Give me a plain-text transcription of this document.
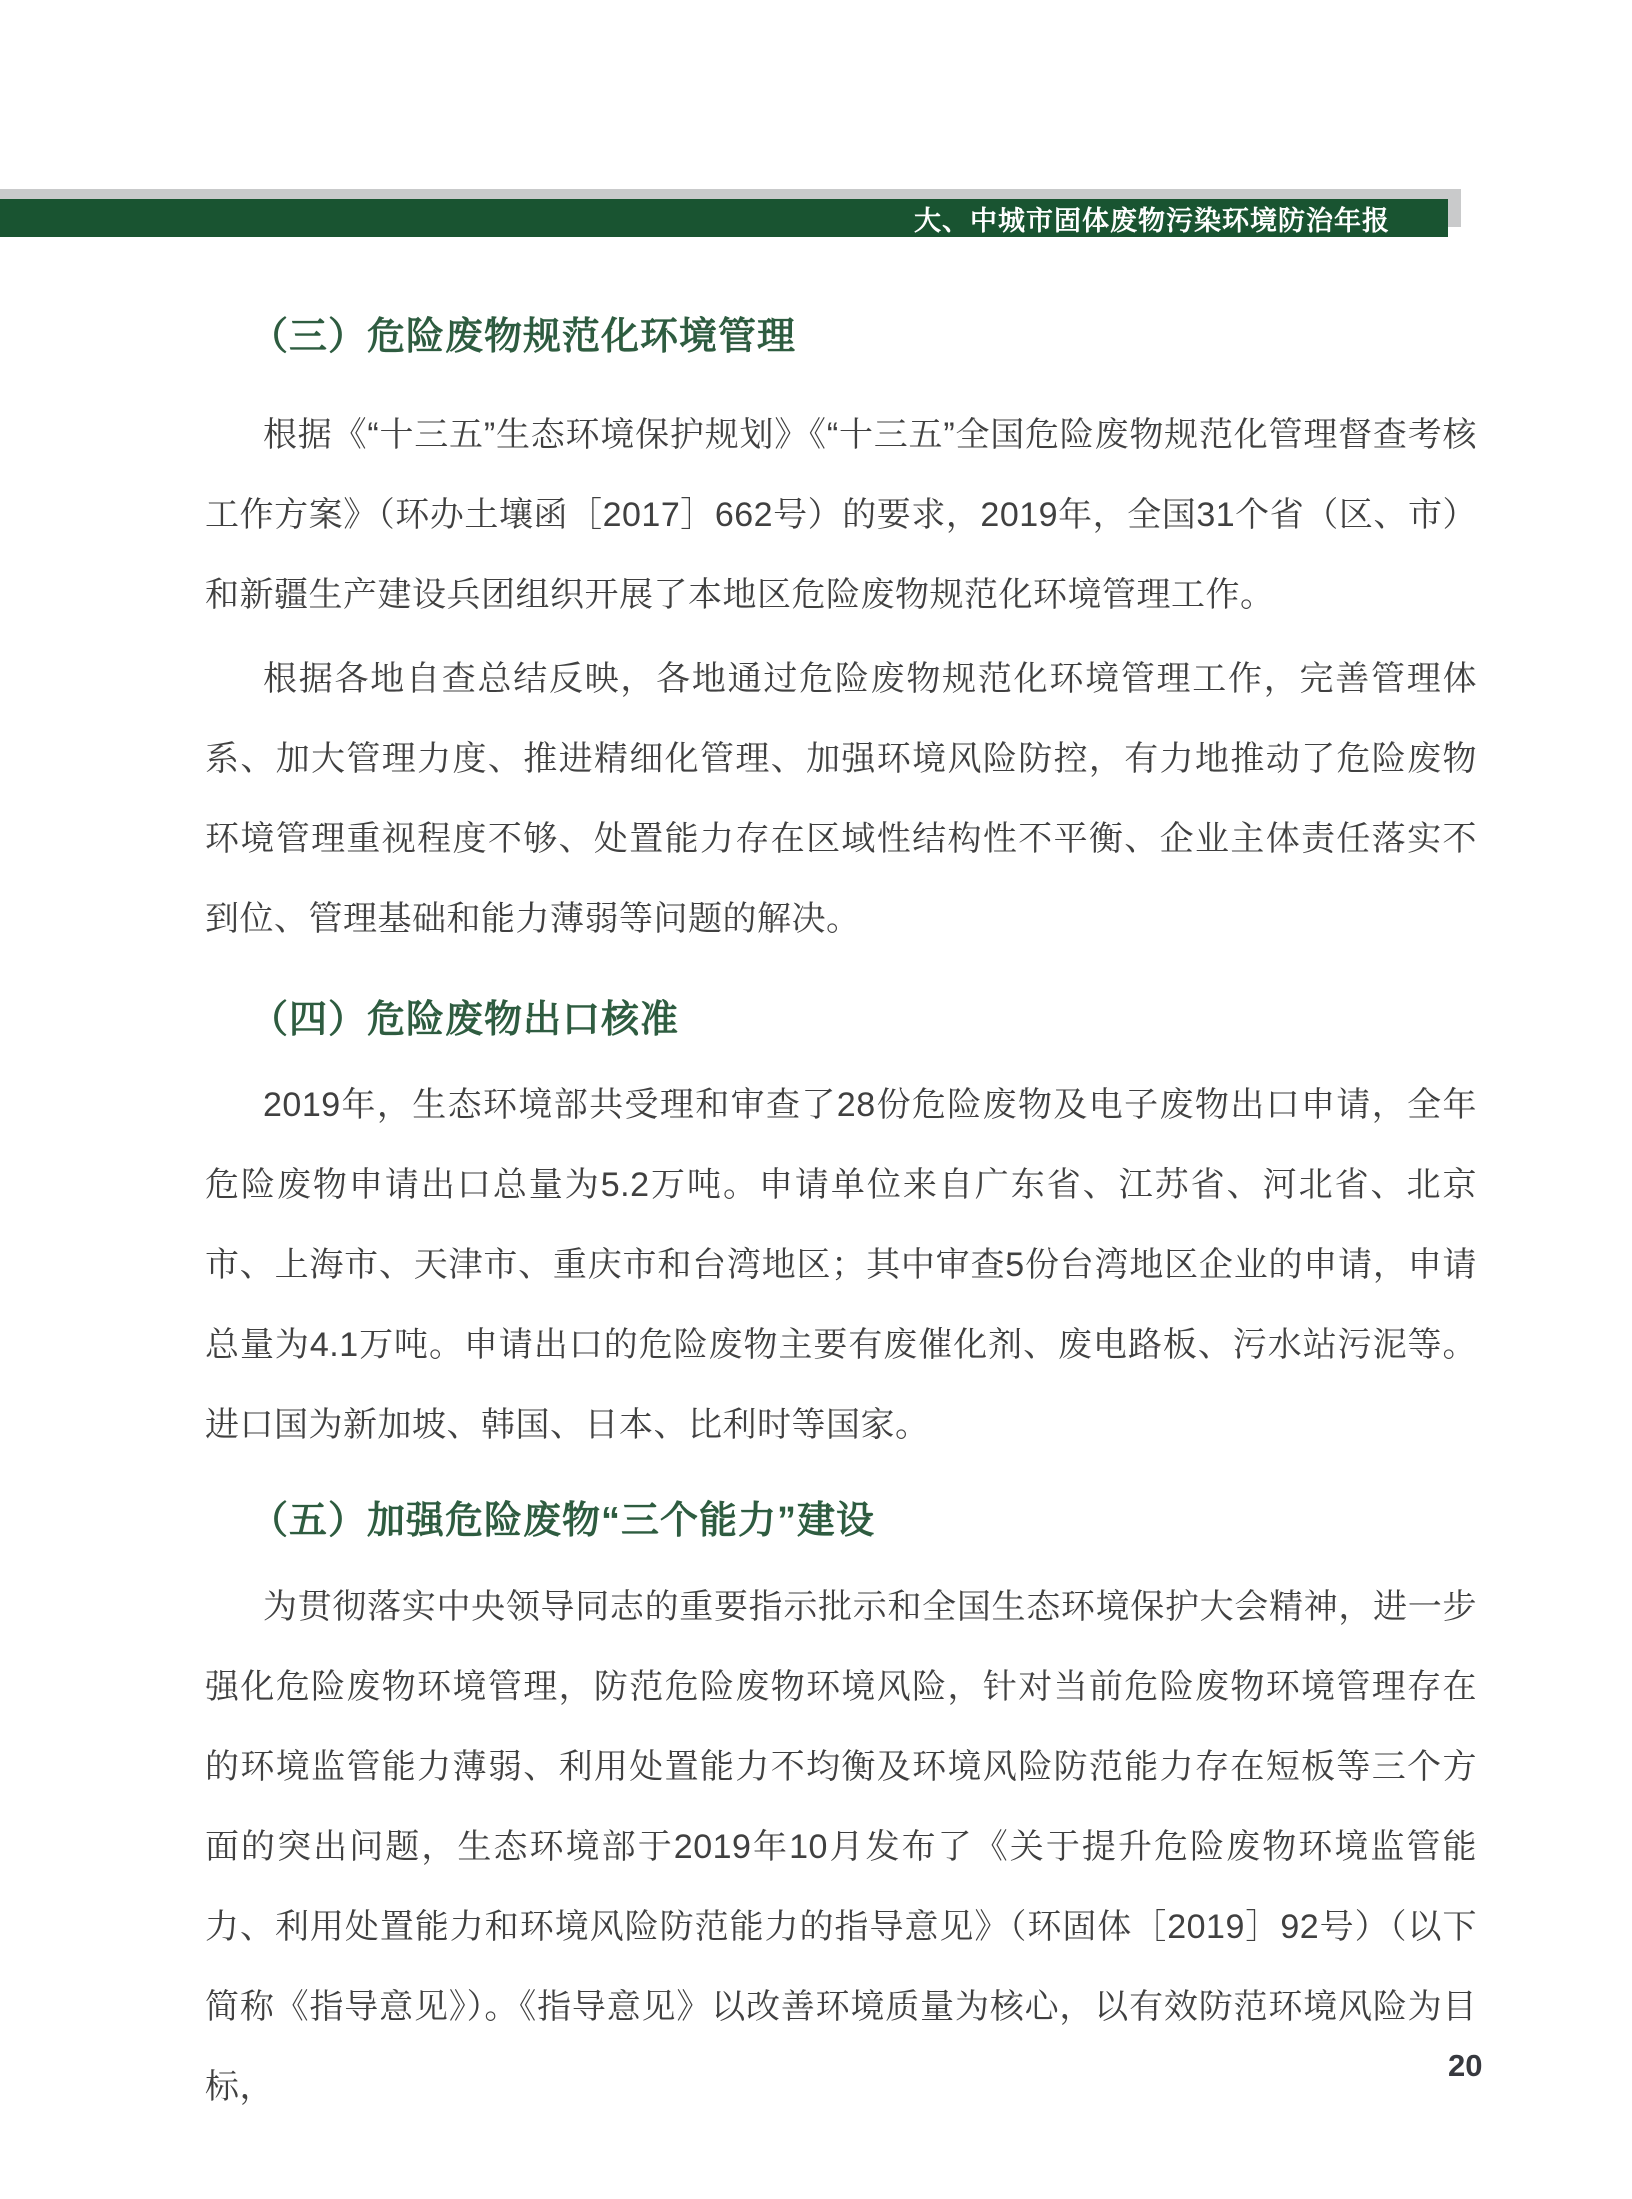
大、中城市固体废物污染环境防治年报
（三）危险废物规范化环境管理

根据《“十三五”生态环境保护规划》《“十三五”全国危险废物规范化管理督查考核工作方案》（环办土壤函［2017］662号）的要求，2019年，全国31个省（区、市）和新疆生产建设兵团组织开展了本地区危险废物规范化环境管理工作。

根据各地自查总结反映，各地通过危险废物规范化环境管理工作，完善管理体系、加大管理力度、推进精细化管理、加强环境风险防控，有力地推动了危险废物环境管理重视程度不够、处置能力存在区域性结构性不平衡、企业主体责任落实不到位、管理基础和能力薄弱等问题的解决。

（四）危险废物出口核准

2019年，生态环境部共受理和审查了28份危险废物及电子废物出口申请，全年危险废物申请出口总量为5.2万吨。申请单位来自广东省、江苏省、河北省、北京市、上海市、天津市、重庆市和台湾地区；其中审查5份台湾地区企业的申请，申请总量为4.1万吨。申请出口的危险废物主要有废催化剂、废电路板、污水站污泥等。进口国为新加坡、韩国、日本、比利时等国家。

（五）加强危险废物“三个能力”建设

为贯彻落实中央领导同志的重要指示批示和全国生态环境保护大会精神，进一步强化危险废物环境管理，防范危险废物环境风险，针对当前危险废物环境管理存在的环境监管能力薄弱、利用处置能力不均衡及环境风险防范能力存在短板等三个方面的突出问题，生态环境部于2019年10月发布了《关于提升危险废物环境监管能力、利用处置能力和环境风险防范能力的指导意见》（环固体［2019］92号）（以下简称《指导意见》）。《指导意见》以改善环境质量为核心，以有效防范环境风险为目标，

20
